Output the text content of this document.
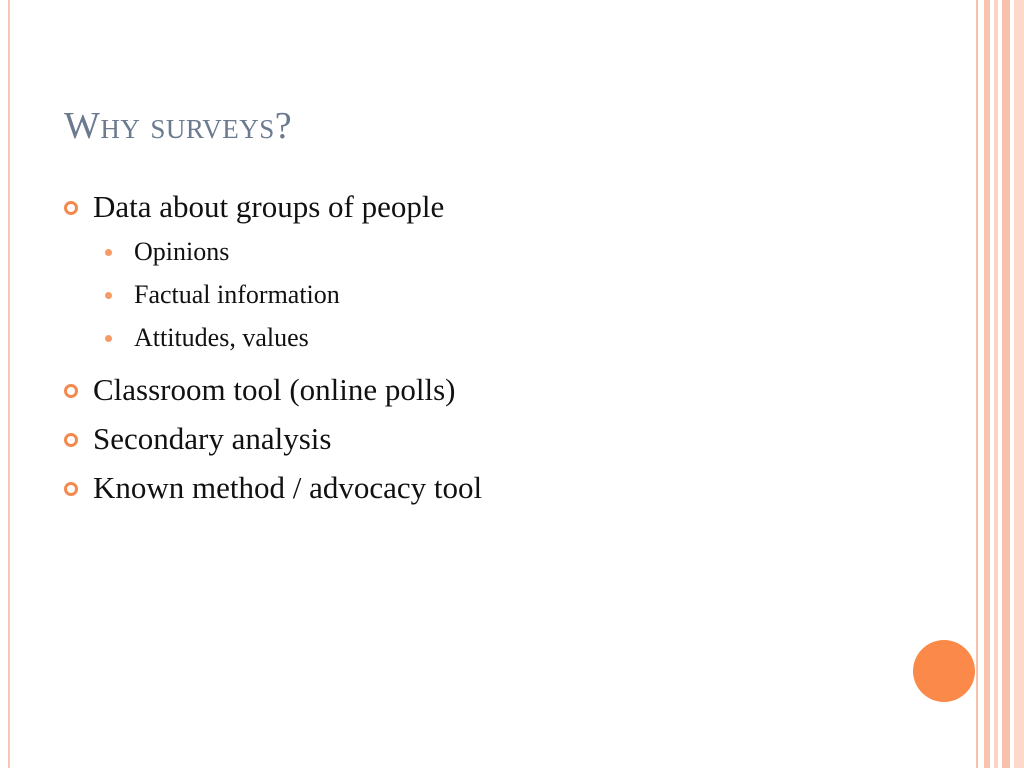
Why surveys?
Data about groups of people
Opinions
Factual information
Attitudes, values
Classroom tool (online polls)
Secondary analysis
Known method / advocacy tool
